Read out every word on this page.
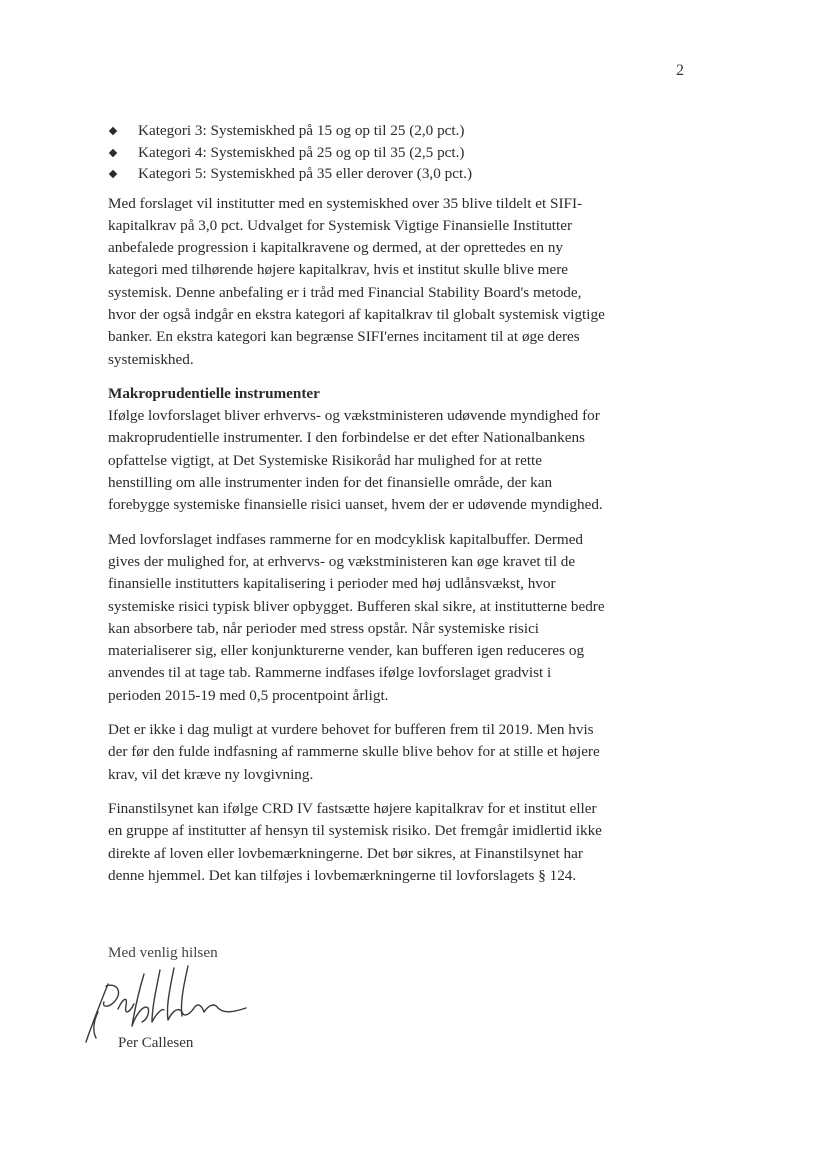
2
Kategori 3: Systemiskhed på 15 og op til 25 (2,0 pct.)
Kategori 4: Systemiskhed på 25 og op til 35 (2,5 pct.)
Kategori 5: Systemiskhed på 35 eller derover (3,0 pct.)

Med forslaget vil institutter med en systemiskhed over 35 blive tildelt et SIFI-kapitalkrav på 3,0 pct. Udvalget for Systemisk Vigtige Finansielle Institutter anbefalede progression i kapitalkravene og dermed, at der oprettedes en ny kategori med tilhørende højere kapitalkrav, hvis et institut skulle blive mere systemisk. Denne anbefaling er i tråd med Financial Stability Board's metode, hvor der også indgår en ekstra kategori af kapitalkrav til globalt systemisk vigtige banker. En ekstra kategori kan begrænse SIFI'ernes incitament til at øge deres systemiskhed.

Makroprudentielle instrumenter

Ifølge lovforslaget bliver erhvervs- og vækstministeren udøvende myndighed for makroprudentielle instrumenter. I den forbindelse er det efter Nationalbankens opfattelse vigtigt, at Det Systemiske Risikoråd har mulighed for at rette henstilling om alle instrumenter inden for det finansielle område, der kan forebygge systemiske finansielle risici uanset, hvem der er udøvende myndighed.

Med lovforslaget indfases rammerne for en modcyklisk kapitalbuffer. Dermed gives der mulighed for, at erhvervs- og vækstministeren kan øge kravet til de finansielle institutters kapitalisering i perioder med høj udlånsvækst, hvor systemiske risici typisk bliver opbygget. Bufferen skal sikre, at institutterne bedre kan absorbere tab, når perioder med stress opstår. Når systemiske risici materialiserer sig, eller konjunkturerne vender, kan bufferen igen reduceres og anvendes til at tage tab. Rammerne indfases ifølge lovforslaget gradvist i perioden 2015-19 med 0,5 procentpoint årligt.

Det er ikke i dag muligt at vurdere behovet for bufferen frem til 2019. Men hvis der før den fulde indfasning af rammerne skulle blive behov for at stille et højere krav, vil det kræve ny lovgivning.

Finanstilsynet kan ifølge CRD IV fastsætte højere kapitalkrav for et institut eller en gruppe af institutter af hensyn til systemisk risiko. Det fremgår imidlertid ikke direkte af loven eller lovbemærkningerne. Det bør sikres, at Finanstilsynet har denne hjemmel. Det kan tilføjes i lovbemærkningerne til lovforslagets § 124.

Med venlig hilsen
Per Callesen
